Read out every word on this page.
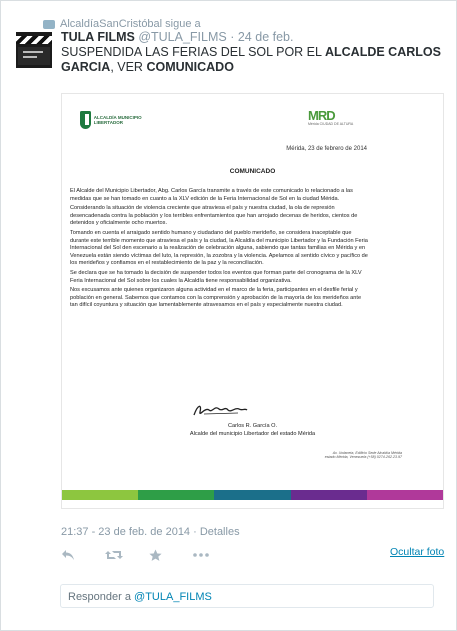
AlcaldíaSanCristóbal sigue a
TULA FILMS @TULA_FILMS · 24 de feb.
SUSPENDIDA LAS FERIAS DEL SOL POR EL ALCALDE CARLOS GARCIA, VER COMUNICADO
ALCALDÍA MUNICIPIO LIBERTADOR	MRD
Mérida CIUDAD DE ALTURA
Mérida, 23 de febrero de 2014
COMUNICADO

El Alcalde del Municipio Libertador, Abg. Carlos García transmite a través de este comunicado lo relacionado a las medidas que se han tomado en cuanto a la XLV edición de la Feria Internacional de Sol en la ciudad Mérida.

Considerando la situación de violencia creciente que atraviesa el país y nuestra ciudad, la ola de represión desencadenada contra la población y los terribles enfrentamientos que han arrojado decenas de heridos, cientos de detenidos y oficialmente ocho muertos.

Tomando en cuenta el arraigado sentido humano y ciudadano del pueblo merideño, se considera inaceptable que durante este terrible momento que atraviesa el país y la ciudad, la Alcaldía del municipio Libertador y la Fundación Feria Internacional del Sol den escenario a la realización de celebración alguna, sabiendo que tantas familias en Mérida y en Venezuela están siendo víctimas del luto, la represión, la zozobra y la violencia. Apelamos al sentido cívico y pacífico de los merideños y confiamos en el restablecimiento de la paz y la reconciliación.

Se declara que se ha tomado la decisión de suspender todos los eventos que forman parte del cronograma de la XLV Feria Internacional del Sol sobre los cuales la Alcaldía tiene responsabilidad organizativa.

Nos excusamos ante quienes organizaron alguna actividad en el marco de la feria, participantes en el desfile ferial y población en general. Sabemos que contamos con la comprensión y aprobación de la mayoría de los merideños ante tan difícil coyuntura y situación que lamentablemente atravesamos en el país y especialmente nuestra ciudad.

Carlos R. García O.
Alcalde del municipio Libertador del estado Mérida
Av. Urdaneta, Edificio Sede Alcaldía Mérida estado Mérida, Venezuela (+58) 0274-262.23.97
21:37 - 23 de feb. de 2014 · Detalles
Ocultar foto
Responder a @TULA_FILMS
